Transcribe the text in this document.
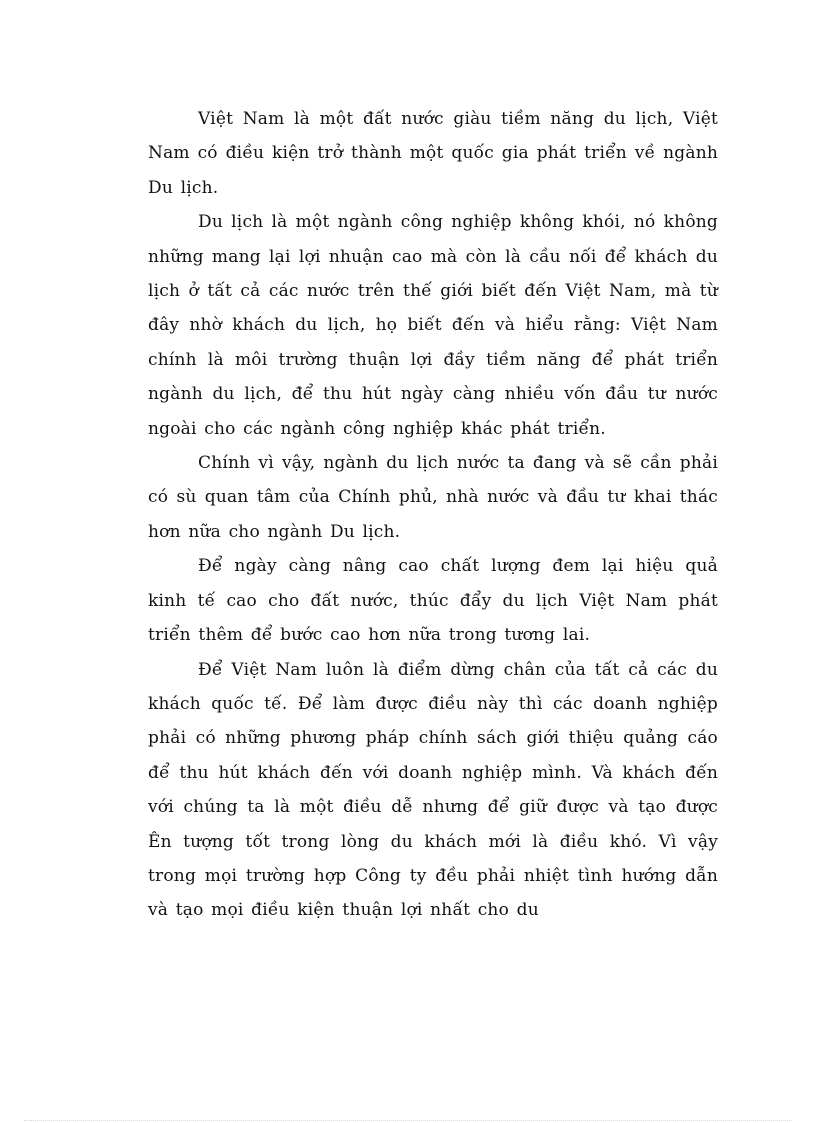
Việt Nam là một đất nước giàu tiềm năng du lịch, Việt Nam có điều kiện trở thành một quốc gia phát triển về ngành Du lịch.

Du lịch là một ngành công nghiệp không khói, nó không những mang lại lợi nhuận cao mà còn là cầu nối để khách du lịch ở tất cả các nước trên thế giới biết đến Việt Nam, mà từ đây nhờ khách du lịch, họ biết đến và hiểu rằng: Việt Nam chính là môi trường thuận lợi đầy tiềm năng để phát triển ngành du lịch, để thu hút ngày càng nhiều vốn đầu tư nước ngoài cho các ngành công nghiệp khác phát triển.

Chính vì vậy, ngành du lịch nước ta đang và sẽ cần phải có sù quan tâm của Chính phủ, nhà nước và đầu tư khai thác hơn nữa cho ngành Du lịch.

Để ngày càng nâng cao chất lượng đem lại hiệu quả kinh tế cao cho đất nước, thúc đẩy du lịch Việt Nam phát triển thêm để bước cao hơn nữa trong tương lai.

Để Việt Nam luôn là điểm dừng chân của tất cả các du khách quốc tế. Để làm được điều này thì các doanh nghiệp phải có những phương pháp chính sách giới thiệu quảng cáo để thu hút khách đến với doanh nghiệp mình. Và khách đến với chúng ta là một điều dễ nhưng để giữ được và tạo được Ên tượng tốt trong lòng du khách mới là điều khó. Vì vậy trong mọi trường hợp Công ty đều phải nhiệt tình hướng dẫn và tạo mọi điều kiện thuận lợi nhất cho du
